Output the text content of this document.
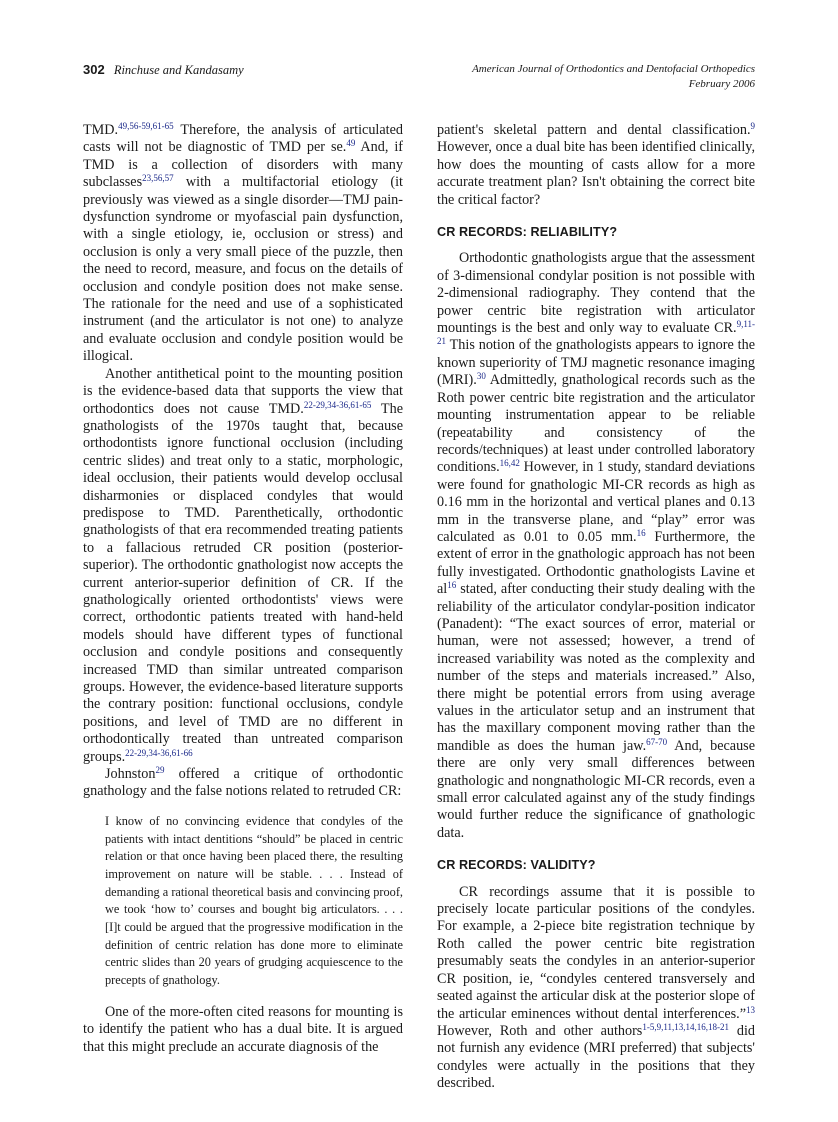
302 Rinchuse and Kandasamy	American Journal of Orthodontics and Dentofacial Orthopedics
February 2006

TMD.$^{49,56-59,61-65}$ Therefore, the analysis of articulated casts will not be diagnostic of TMD per se.$^{49}$ And, if TMD is a collection of disorders with many subclasses$^{23,56,57}$ with a multifactorial etiology (it previously was viewed as a single disorder—TMJ pain-dysfunction syndrome or myofascial pain dysfunction, with a single etiology, ie, occlusion or stress) and occlusion is only a very small piece of the puzzle, then the need to record, measure, and focus on the details of occlusion and condyle position does not make sense. The rationale for the need and use of a sophisticated instrument (and the articulator is not one) to analyze and evaluate occlusion and condyle position would be illogical.

Another antithetical point to the mounting position is the evidence-based data that supports the view that orthodontics does not cause TMD.$^{22-29,34-36,61-65}$ The gnathologists of the 1970s taught that, because orthodontists ignore functional occlusion (including centric slides) and treat only to a static, morphologic, ideal occlusion, their patients would develop occlusal disharmonies or displaced condyles that would predispose to TMD. Parenthetically, orthodontic gnathologists of that era recommended treating patients to a fallacious retruded CR position (posterior-superior). The orthodontic gnathologist now accepts the current anterior-superior definition of CR. If the gnathologically oriented orthodontists' views were correct, orthodontic patients treated with hand-held models should have different types of functional occlusion and condyle positions and consequently increased TMD than similar untreated comparison groups. However, the evidence-based literature supports the contrary position: functional occlusions, condyle positions, and level of TMD are no different in orthodontically treated than untreated comparison groups.$^{22-29,34-36,61-66}$

Johnston$^{29}$ offered a critique of orthodontic gnathology and the false notions related to retruded CR:

I know of no convincing evidence that condyles of the patients with intact dentitions “should” be placed in centric relation or that once having been placed there, the resulting improvement on nature will be stable. . . . Instead of demanding a rational theoretical basis and convincing proof, we took ‘how to’ courses and bought big articulators. . . . [I]t could be argued that the progressive modification in the definition of centric relation has done more to eliminate centric slides than 20 years of grudging acquiescence to the precepts of gnathology.

One of the more-often cited reasons for mounting is to identify the patient who has a dual bite. It is argued that this might preclude an accurate diagnosis of the

patient's skeletal pattern and dental classification.$^9$ However, once a dual bite has been identified clinically, how does the mounting of casts allow for a more accurate treatment plan? Isn't obtaining the correct bite the critical factor?

CR RECORDS: RELIABILITY?

Orthodontic gnathologists argue that the assessment of 3-dimensional condylar position is not possible with 2-dimensional radiography. They contend that the power centric bite registration with articulator mountings is the best and only way to evaluate CR.$^{9,11-21}$ This notion of the gnathologists appears to ignore the known superiority of TMJ magnetic resonance imaging (MRI).$^{30}$ Admittedly, gnathological records such as the Roth power centric bite registration and the articulator mounting instrumentation appear to be reliable (repeatability and consistency of the records/techniques) at least under controlled laboratory conditions.$^{16,42}$ However, in 1 study, standard deviations were found for gnathologic MI-CR records as high as 0.16 mm in the horizontal and vertical planes and 0.13 mm in the transverse plane, and “play” error was calculated as 0.01 to 0.05 mm.$^{16}$ Furthermore, the extent of error in the gnathologic approach has not been fully investigated. Orthodontic gnathologists Lavine et $al^{16}$ stated, after conducting their study dealing with the reliability of the articulator condylar-position indicator (Panadent): “The exact sources of error, material or human, were not assessed; however, a trend of increased variability was noted as the complexity and number of the steps and materials increased.” Also, there might be potential errors from using average values in the articulator setup and an instrument that has the maxillary component moving rather than the mandible as does the human jaw.$^{67-70}$ And, because there are only very small differences between gnathologic and nongnathologic MI-CR records, even a small error calculated against any of the study findings would further reduce the significance of gnathologic data.

CR RECORDS: VALIDITY?

CR recordings assume that it is possible to precisely locate particular positions of the condyles. For example, a 2-piece bite registration technique by Roth called the power centric bite registration presumably seats the condyles in an anterior-superior CR position, ie, “condyles centered transversely and seated against the articular disk at the posterior slope of the articular eminences without dental interferences.”$^{13}$ However, Roth and other authors$^{1-5,9,11,13,14,16,18-21}$ did not furnish any evidence (MRI preferred) that subjects' condyles were actually in the positions that they described.
